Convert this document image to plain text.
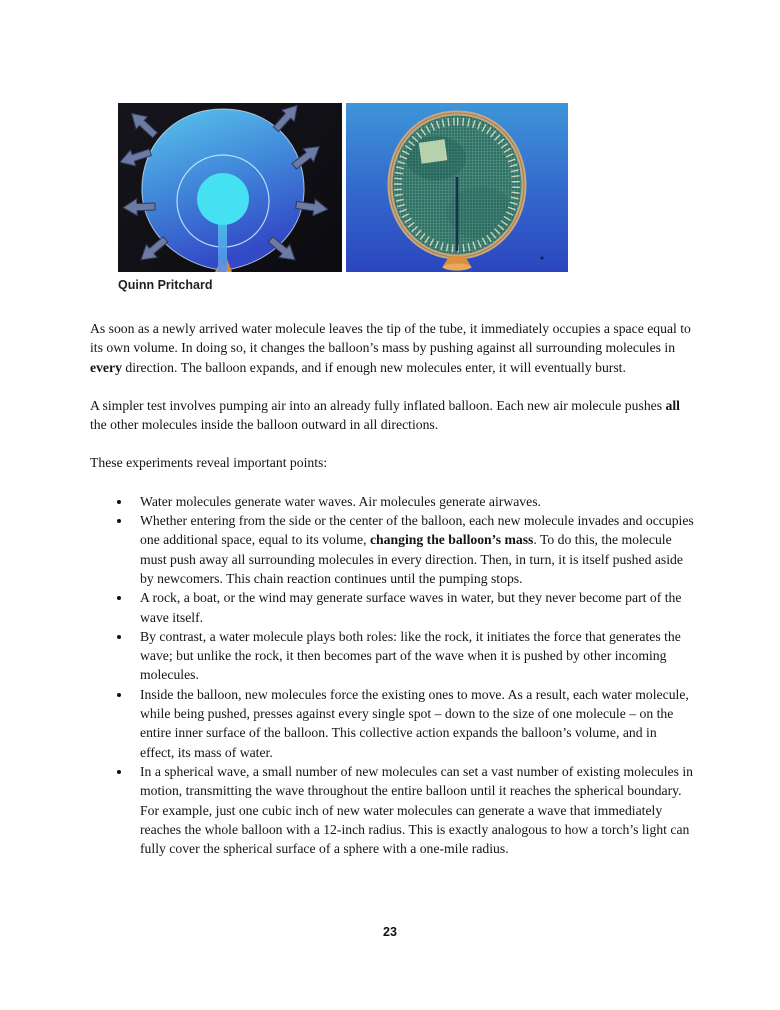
Quinn Pritchard

As soon as a newly arrived water molecule leaves the tip of the tube, it immediately occupies a space equal to its own volume. In doing so, it changes the balloon’s mass by pushing against all surrounding molecules in every direction. The balloon expands, and if enough new molecules enter, it will eventually burst.

A simpler test involves pumping air into an already fully inflated balloon. Each new air molecule pushes all the other molecules inside the balloon outward in all directions.

These experiments reveal important points:

Water molecules generate water waves. Air molecules generate airwaves.
Whether entering from the side or the center of the balloon, each new molecule invades and occupies one additional space, equal to its volume, changing the balloon’s mass. To do this, the molecule must push away all surrounding molecules in every direction. Then, in turn, it is itself pushed aside by newcomers. This chain reaction continues until the pumping stops.
A rock, a boat, or the wind may generate surface waves in water, but they never become part of the wave itself.
By contrast, a water molecule plays both roles: like the rock, it initiates the force that generates the wave; but unlike the rock, it then becomes part of the wave when it is pushed by other incoming molecules.
Inside the balloon, new molecules force the existing ones to move. As a result, each water molecule, while being pushed, presses against every single spot – down to the size of one molecule – on the entire inner surface of the balloon. This collective action expands the balloon’s volume, and in effect, its mass of water.
In a spherical wave, a small number of new molecules can set a vast number of existing molecules in motion, transmitting the wave throughout the entire balloon until it reaches the spherical boundary. For example, just one cubic inch of new water molecules can generate a wave that immediately reaches the whole balloon with a 12-inch radius. This is exactly analogous to how a torch’s light can fully cover the spherical surface of a sphere with a one-mile radius.
23
